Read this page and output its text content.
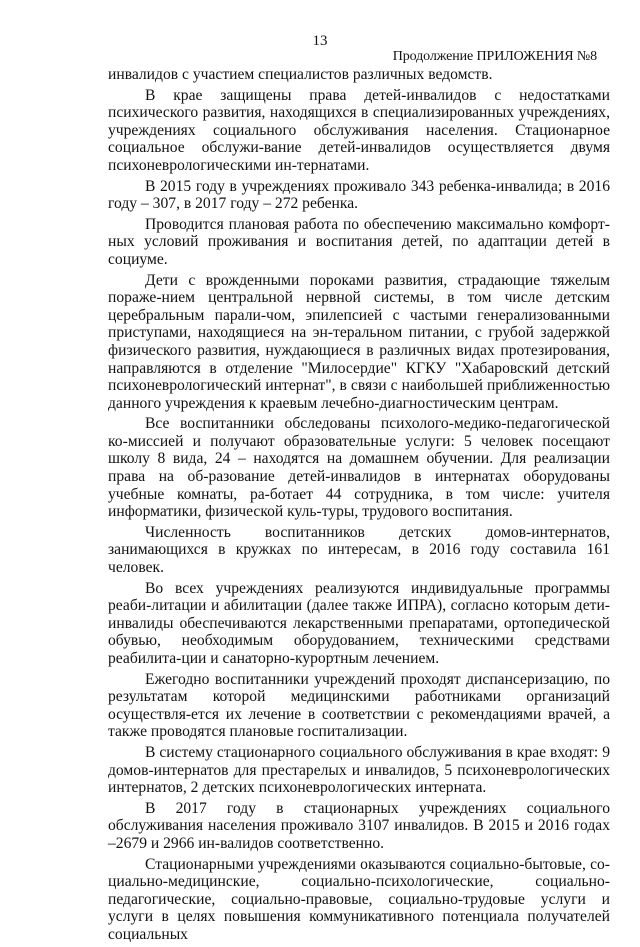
13
Продолжение ПРИЛОЖЕНИЯ №8

инвалидов с участием специалистов различных ведомств.

В крае защищены права детей-инвалидов с недостатками психического развития, находящихся в специализированных учреждениях, учреждениях социального обслуживания населения. Стационарное социальное обслужи-вание детей-инвалидов осуществляется двумя психоневрологическими ин-тернатами.

В 2015 году в учреждениях проживало 343 ребенка-инвалида; в 2016 году – 307, в 2017 году – 272 ребенка.

Проводится плановая работа по обеспечению максимально комфорт-ных условий проживания и воспитания детей, по адаптации детей в социуме.

Дети с врожденными пороками развития, страдающие тяжелым пораже-нием центральной нервной системы, в том числе детским церебральным парали-чом, эпилепсией с частыми генерализованными приступами, находящиеся на эн-теральном питании, с грубой задержкой физического развития, нуждающиеся в различных видах протезирования, направляются в отделение "Милосердие" КГКУ "Хабаровский детский психоневрологический интернат", в связи с наибольшей приближенностью данного учреждения к краевым лечебно-диагностическим центрам.

Все воспитанники обследованы психолого-медико-педагогической ко-миссией и получают образовательные услуги: 5 человек посещают школу 8 вида, 24 – находятся на домашнем обучении. Для реализации права на об-разование детей-инвалидов в интернатах оборудованы учебные комнаты, ра-ботает 44 сотрудника, в том числе: учителя информатики, физической куль-туры, трудового воспитания.

Численность воспитанников детских домов-интернатов, занимающихся в кружках по интересам, в 2016 году составила 161 человек.

Во всех учреждениях реализуются индивидуальные программы реаби-литации и абилитации (далее также ИПРА), согласно которым дети-инвалиды обеспечиваются лекарственными препаратами, ортопедической обувью, необходимым оборудованием, техническими средствами реабилита-ции и санаторно-курортным лечением.

Ежегодно воспитанники учреждений проходят диспансеризацию, по результатам которой медицинскими работниками организаций осуществля-ется их лечение в соответствии с рекомендациями врачей, а также проводятся плановые госпитализации.

В систему стационарного социального обслуживания в крае входят: 9 домов-интернатов для престарелых и инвалидов, 5 психоневрологических интернатов, 2 детских психоневрологических интерната.

В 2017 году в стационарных учреждениях социального обслуживания населения проживало 3107 инвалидов. В 2015 и 2016 годах –2679 и 2966 ин-валидов соответственно.

Стационарными учреждениями оказываются социально-бытовые, со-циально-медицинские, социально-психологические, социально-педагогические, социально-правовые, социально-трудовые услуги и услуги в целях повышения коммуникативного потенциала получателей социальных
